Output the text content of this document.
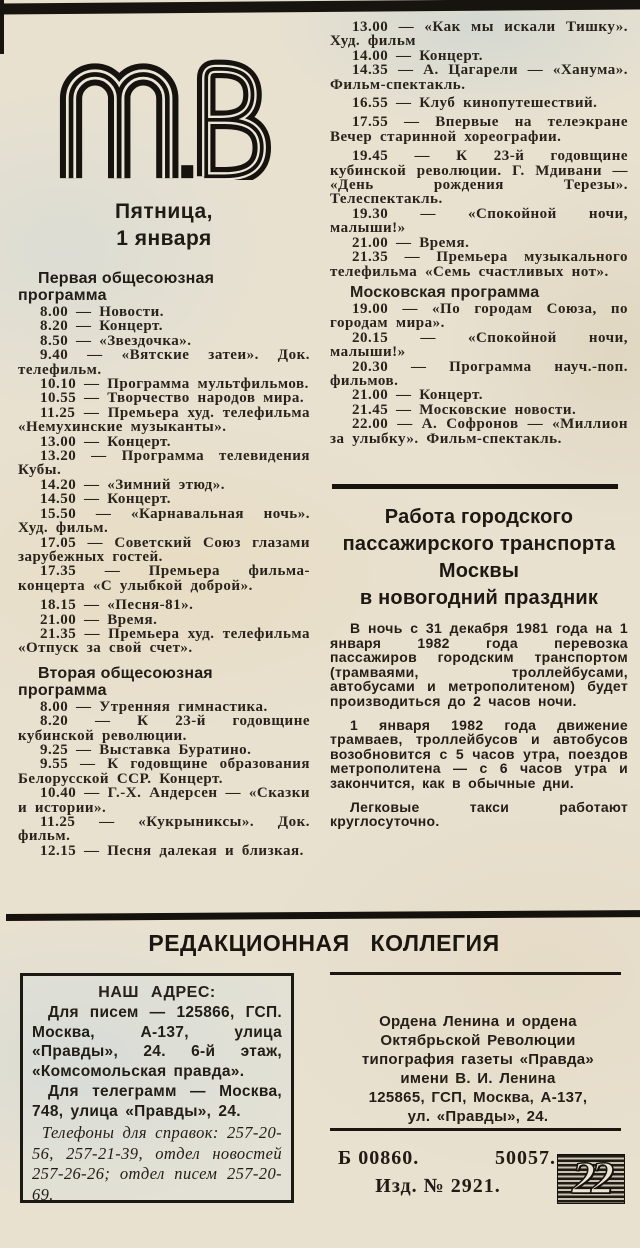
Пятница,
1 января
Первая общесоюзная программа

8.00 — Новости.

8.20 — Концерт.

8.50 — «Звездочка».

9.40 — «Вятские затеи». Док. телефильм.

10.10 — Программа мультфильмов.

10.55 — Творчество народов мира.

11.25 — Премьера худ. телефильма «Немухинские музыканты».

13.00 — Концерт.

13.20 — Программа телевидения Кубы.

14.20 — «Зимний этюд».

14.50 — Концерт.

15.50 — «Карнавальная ночь». Худ. фильм.

17.05 — Советский Союз глазами зарубежных гостей.

17.35 — Премьера фильма-концерта «С улыбкой доброй».

18.15 — «Песня-81».

21.00 — Время.

21.35 — Премьера худ. телефильма «Отпуск за свой счет».

Вторая общесоюзная программа

8.00 — Утренняя гимнастика.

8.20 — К 23-й годовщине кубинской революции.

9.25 — Выставка Буратино.

9.55 — К годовщине образования Белорусской ССР. Концерт.

10.40 — Г.-Х. Андерсен — «Сказки и истории».

11.25 — «Кукрыниксы». Док. фильм.

12.15 — Песня далекая и близкая.

13.00 — «Как мы искали Тишку». Худ. фильм

14.00 — Концерт.

14.35 — А. Цагарели — «Ханума». Фильм-спектакль.

16.55 — Клуб кинопутешествий.

17.55 — Впервые на телеэкране Вечер старинной хореографии.

19.45 — К 23-й годовщине кубинской революции. Г. Мдивани — «День рождения Терезы». Телеспектакль.

19.30 — «Спокойной ночи, малыши!»

21.00 — Время.

21.35 — Премьера музыкального телефильма «Семь счастливых нот».

Московская программа

19.00 — «По городам Союза, по городам мира».

20.15 — «Спокойной ночи, малыши!»

20.30 — Программа науч.-поп. фильмов.

21.00 — Концерт.

21.45 — Московские новости.

22.00 — А. Софронов — «Миллион за улыбку». Фильм-спектакль.

Работа городского
пассажирского транспорта
Москвы
в новогодний праздник

В ночь с 31 декабря 1981 года на 1 января 1982 года перевозка пассажиров городским транспортом (трамваями, троллейбусами, автобусами и метрополитеном) будет производиться до 2 часов ночи.

1 января 1982 года движение трамваев, троллейбусов и автобусов возобновится с 5 часов утра, поездов метрополитена — с 6 часов утра и закончится, как в обычные дни.

Легковые такси работают круглосуточно.

РЕДАКЦИОННАЯ КОЛЛЕГИЯ
НАШ АДРЕС:

Для писем — 125866, ГСП. Москва, А-137, улица «Правды», 24. 6-й этаж, «Комсомольская правда».

Для телеграмм — Москва, 748, улица «Правды», 24.

Телефоны для справок: 257-20-56, 257-21-39, отдел новостей 257-26-26; отдел писем 257-20-69.

Ордена Ленина и ордена
Октябрьской Революции
типография газеты «Правда»
имени В. И. Ленина
125865, ГСП, Москва, А-137,
ул. «Правды», 24.
Б 00860.	50057.
Изд. № 2921.	22
